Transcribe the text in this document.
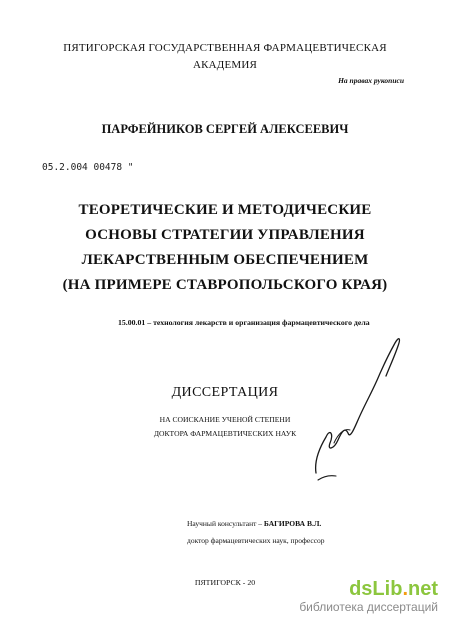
ПЯТИГОРСКАЯ ГОСУДАРСТВЕННАЯ ФАРМАЦЕВТИЧЕСКАЯ
АКАДЕМИЯ
На правах рукописи
ПАРФЕЙНИКОВ СЕРГЕЙ АЛЕКСЕЕВИЧ
05.2.004 00478 "
ТЕОРЕТИЧЕСКИЕ И МЕТОДИЧЕСКИЕ
ОСНОВЫ СТРАТЕГИИ УПРАВЛЕНИЯ
ЛЕКАРСТВЕННЫМ ОБЕСПЕЧЕНИЕМ
(НА ПРИМЕРЕ СТАВРОПОЛЬСКОГО КРАЯ)
15.00.01 – технология лекарств и организация фармацевтического дела
ДИССЕРТАЦИЯ
НА СОИСКАНИЕ УЧЕНОЙ СТЕПЕНИ
ДОКТОРА ФАРМАЦЕВТИЧЕСКИХ НАУК
Научный консультант – БАГИРОВА В.Л.
доктор фармацевтических наук, профессор
ПЯТИГОРСК - 20	dsLib.net
библиотека диссертаций
